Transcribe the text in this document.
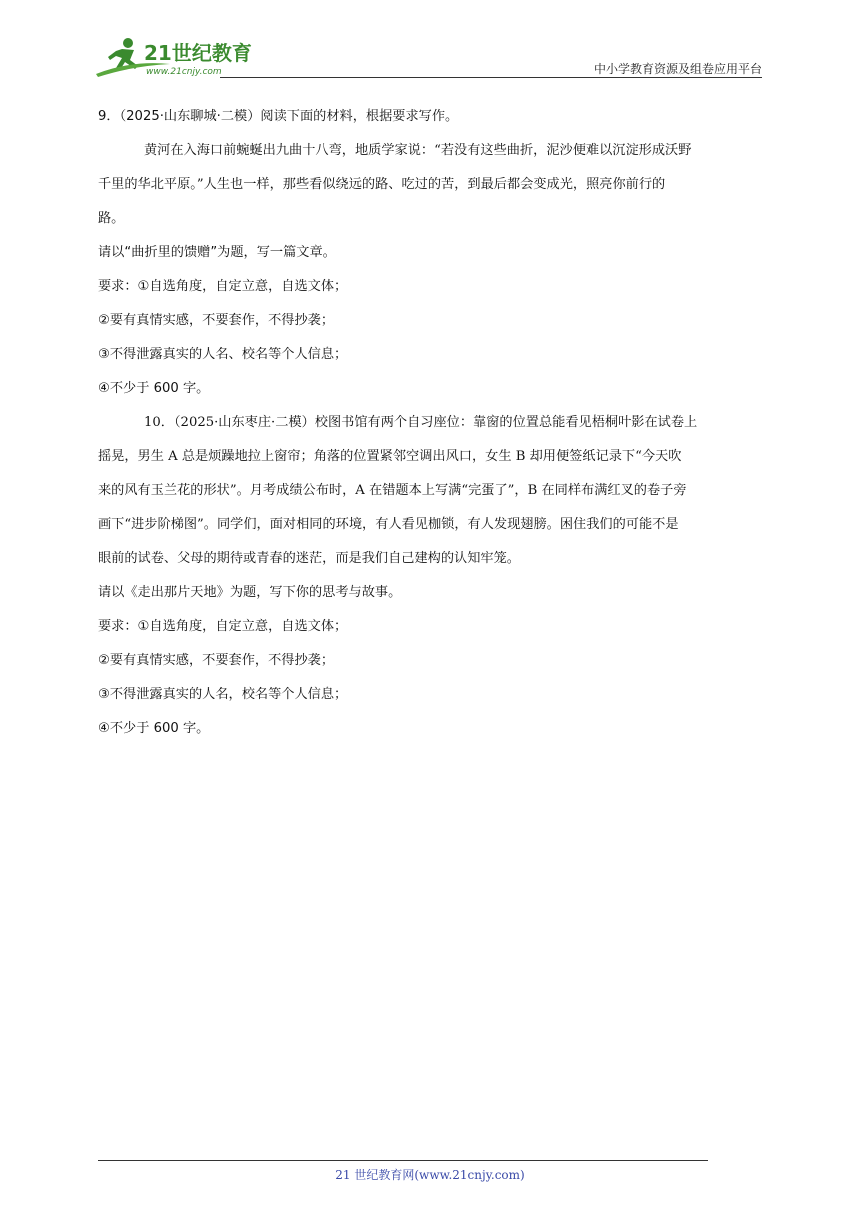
21世纪教育
www.21cnjy.com	中小学教育资源及组卷应用平台

9．（2025·山东聊城·二模）阅读下面的材料，根据要求写作。

黄河在入海口前蜿蜒出九曲十八弯，地质学家说：“若没有这些曲折，泥沙便难以沉淀形成沃野

千里的华北平原。”人生也一样，那些看似绕远的路、吃过的苦，到最后都会变成光，照亮你前行的

路。

请以“曲折里的馈赠”为题，写一篇文章。

要求：①自选角度，自定立意，自选文体；

②要有真情实感，不要套作，不得抄袭；

③不得泄露真实的人名、校名等个人信息；

④不少于 600 字。

10．（2025·山东枣庄·二模）校图书馆有两个自习座位：靠窗的位置总能看见梧桐叶影在试卷上

摇晃，男生 A 总是烦躁地拉上窗帘；角落的位置紧邻空调出风口，女生 B 却用便签纸记录下“今天吹

来的风有玉兰花的形状”。月考成绩公布时，A 在错题本上写满“完蛋了”，B 在同样布满红叉的卷子旁

画下“进步阶梯图”。同学们，面对相同的环境，有人看见枷锁，有人发现翅膀。困住我们的可能不是

眼前的试卷、父母的期待或青春的迷茫，而是我们自己建构的认知牢笼。

请以《走出那片天地》为题，写下你的思考与故事。

要求：①自选角度，自定立意，自选文体；

②要有真情实感，不要套作，不得抄袭；

③不得泄露真实的人名，校名等个人信息；

④不少于 600 字。

21 世纪教育网(www.21cnjy.com)
